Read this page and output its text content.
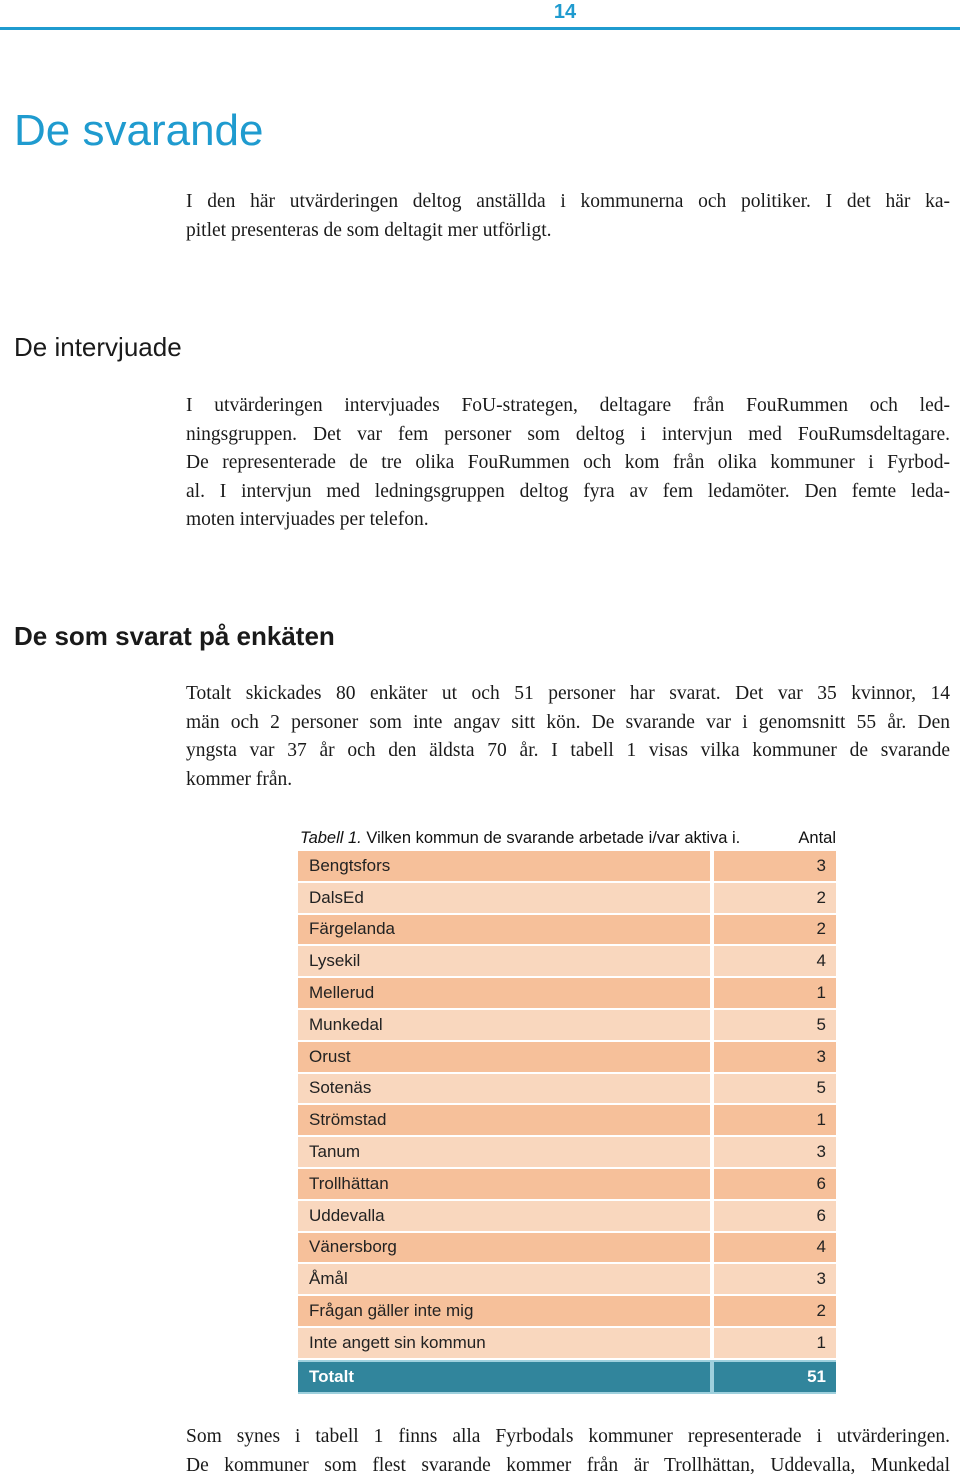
14
De svarande
I den här utvärderingen deltog anställda i kommunerna och politiker. I det här ka-
pitlet presenteras de som deltagit mer utförligt.
De intervjuade
I utvärderingen intervjuades FoU-strategen, deltagare från FouRummen och led-
ningsgruppen. Det var fem personer som deltog i intervjun med FouRumsdeltagare.
De representerade de tre olika FouRummen och kom från olika kommuner i Fyrbod-
al. I intervjun med ledningsgruppen deltog fyra av fem ledamöter. Den femte leda-
moten intervjuades per telefon.
De som svarat på enkäten
Totalt skickades 80 enkäter ut och 51 personer har svarat. Det var 35 kvinnor, 14
män och 2 personer som inte angav sitt kön. De svarande var i genomsnitt 55 år. Den
yngsta var 37 år och den äldsta 70 år. I tabell 1 visas vilka kommuner de svarande
kommer från.
Tabell 1. Vilken kommun de svarande arbetade i/var aktiva i.	Antal
Bengtsfors	3
DalsEd	2
Färgelanda	2
Lysekil	4
Mellerud	1
Munkedal	5
Orust	3
Sotenäs	5
Strömstad	1
Tanum	3
Trollhättan	6
Uddevalla	6
Vänersborg	4
Åmål	3
Frågan gäller inte mig	2
Inte angett sin kommun	1
Totalt	51
Som synes i tabell 1 finns alla Fyrbodals kommuner representerade i utvärderingen.
De kommuner som flest svarande kommer från är Trollhättan, Uddevalla, Munkedal
